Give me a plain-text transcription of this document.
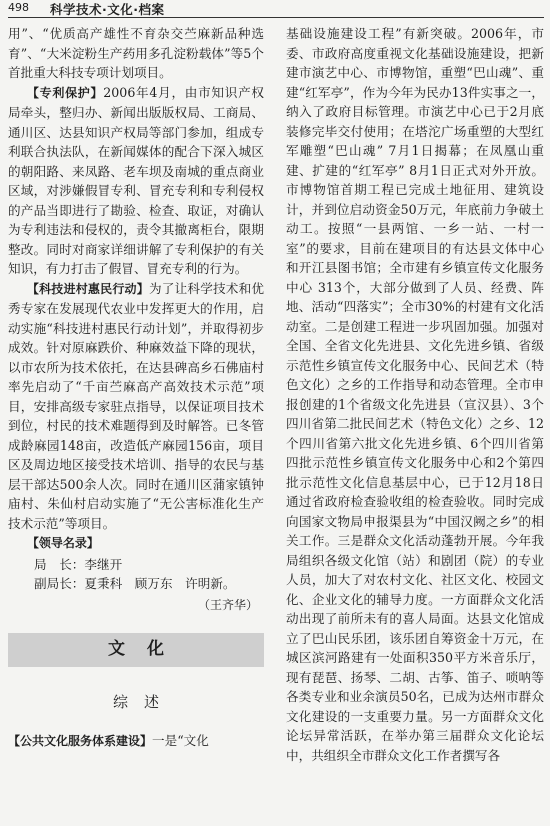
498 科学技术·文化·档案

用”、“优质高产雄性不育杂交苎麻新品种选育”、“大米淀粉生产药用多孔淀粉载体”等5个首批重大科技专项计划项目。

【专利保护】2006年4月，由市知识产权局牵头，整归办、新闻出版版权局、工商局、通川区、达县知识产权局等部门参加，组成专利联合执法队，在新闻媒体的配合下深入城区的朝阳路、来凤路、老车坝及南城的重点商业区域，对涉嫌假冒专利、冒充专利和专利侵权的产品当即进行了勘验、检查、取证，对确认为专利违法和侵权的，责令其撤离柜台，限期整改。同时对商家详细讲解了专利保护的有关知识，有力打击了假冒、冒充专利的行为。

【科技进村惠民行动】为了让科学技术和优秀专家在发展现代农业中发挥更大的作用，启动实施“科技进村惠民行动计划”，并取得初步成效。针对原麻跌价、种麻效益下降的现状，以市农所为技术依托，在达县碑高乡石佛庙村率先启动了“千亩苎麻高产高效技术示范”项目，安排高级专家驻点指导，以保证项目技术到位，村民的技术难题得到及时解答。已冬管成龄麻园148亩，改造低产麻园156亩，项目区及周边地区接受技术培训、指导的农民与基层干部达500余人次。同时在通川区蒲家镇钟庙村、朱仙村启动实施了“无公害标准化生产技术示范”等项目。

【领导名录】

局　长：李继开
副局长：夏秉科　顾万东　许明新。
（王齐华）
文化
综述

【公共文化服务体系建设】一是“文化

基础设施建设工程”有新突破。2006年，市委、市政府高度重视文化基础设施建设，把新建市演艺中心、市博物馆，重塑“巴山魂”、重建“红军亭”，作为今年为民办13件实事之一，纳入了政府目标管理。市演艺中心已于2月底装修完毕交付使用；在塔沱广场重塑的大型红军雕塑“巴山魂” 7月1日揭幕；在凤凰山重建、扩建的“红军亭” 8月1日正式对外开放。市博物馆首期工程已完成土地征用、建筑设计，并到位启动资金50万元，年底前力争破土动工。按照“一县两馆、一乡一站、一村一室”的要求，目前在建项目的有达县文体中心和开江县图书馆；全市建有乡镇宣传文化服务中心 313个，大部分做到了人员、经费、阵地、活动“四落实”；全市30%的村建有文化活动室。二是创建工程进一步巩固加强。加强对全国、全省文化先进县、文化先进乡镇、省级示范性乡镇宣传文化服务中心、民间艺术（特色文化）之乡的工作指导和动态管理。全市申报创建的1个省级文化先进县（宣汉县）、3个四川省第二批民间艺术（特色文化）之乡、12个四川省第六批文化先进乡镇、6个四川省第四批示范性乡镇宣传文化服务中心和2个第四批示范性文化信息基层中心，已于12月18日通过省政府检查验收组的检查验收。同时完成向国家文物局申报渠县为“中国汉阙之乡”的相关工作。三是群众文化活动蓬勃开展。今年我局组织各级文化馆（站）和剧团（院）的专业人员，加大了对农村文化、社区文化、校园文化、企业文化的辅导力度。一方面群众文化活动出现了前所未有的喜人局面。达县文化馆成立了巴山民乐团，该乐团自筹资金十万元，在城区滨河路建有一处面积350平方米音乐厅，现有琵琶、扬琴、二胡、古筝、笛子、唢呐等各类专业和业余演员50名，已成为达州市群众文化建设的一支重要力量。另一方面群众文化论坛异常活跃，在举办第三届群众文化论坛中，共组织全市群众文化工作者撰写各
